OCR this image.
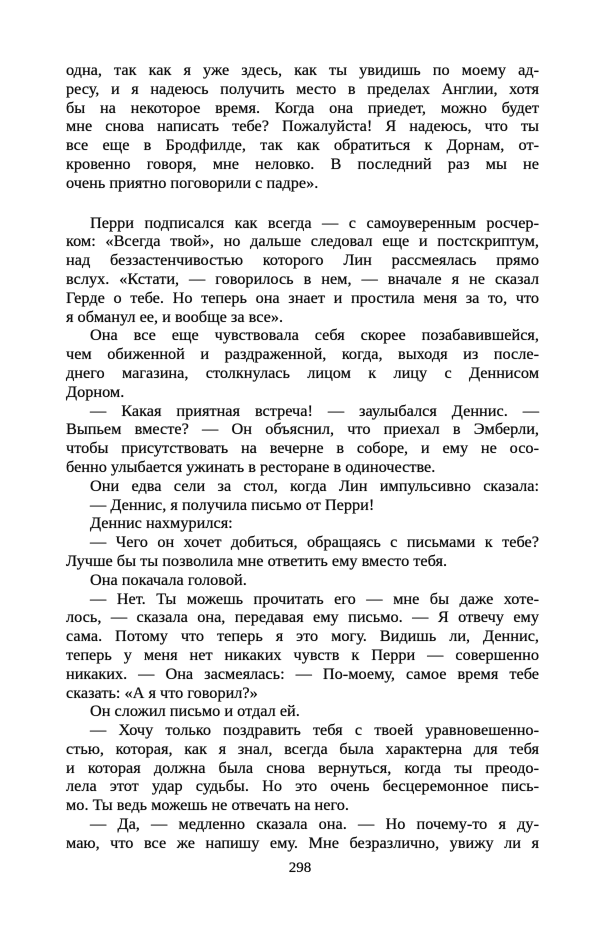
одна, так как я уже здесь, как ты увидишь по моему ад-
ресу, и я надеюсь получить место в пределах Англии, хотя
бы на некоторое время. Когда она приедет, можно будет
мне снова написать тебе? Пожалуйста! Я надеюсь, что ты
все еще в Бродфилде, так как обратиться к Дорнам, от-
кровенно говоря, мне неловко. В последний раз мы не
очень приятно поговорили с падре».
Перри подписался как всегда — с самоуверенным росчер-
ком: «Всегда твой», но дальше следовал еще и постскриптум,
над беззастенчивостью которого Лин рассмеялась прямо
вслух. «Кстати, — говорилось в нем, — вначале я не сказал
Герде о тебе. Но теперь она знает и простила меня за то, что
я обманул ее, и вообще за все».
Она все еще чувствовала себя скорее позабавившейся,
чем обиженной и раздраженной, когда, выходя из после-
днего магазина, столкнулась лицом к лицу с Деннисом
Дорном.
— Какая приятная встреча! — заулыбался Деннис. —
Выпьем вместе? — Он объяснил, что приехал в Эмберли,
чтобы присутствовать на вечерне в соборе, и ему не осо-
бенно улыбается ужинать в ресторане в одиночестве.
Они едва сели за стол, когда Лин импульсивно сказала:
— Деннис, я получила письмо от Перри!
Деннис нахмурился:
— Чего он хочет добиться, обращаясь с письмами к тебе?
Лучше бы ты позволила мне ответить ему вместо тебя.
Она покачала головой.
— Нет. Ты можешь прочитать его — мне бы даже хоте-
лось, — сказала она, передавая ему письмо. — Я отвечу ему
сама. Потому что теперь я это могу. Видишь ли, Деннис,
теперь у меня нет никаких чувств к Перри — совершенно
никаких. — Она засмеялась: — По-моему, самое время тебе
сказать: «А я что говорил?»
Он сложил письмо и отдал ей.
— Хочу только поздравить тебя с твоей уравновешенно-
стью, которая, как я знал, всегда была характерна для тебя
и которая должна была снова вернуться, когда ты преодо-
лела этот удар судьбы. Но это очень бесцеремонное пись-
мо. Ты ведь можешь не отвечать на него.
— Да, — медленно сказала она. — Но почему-то я ду-
маю, что все же напишу ему. Мне безразлично, увижу ли я
298
